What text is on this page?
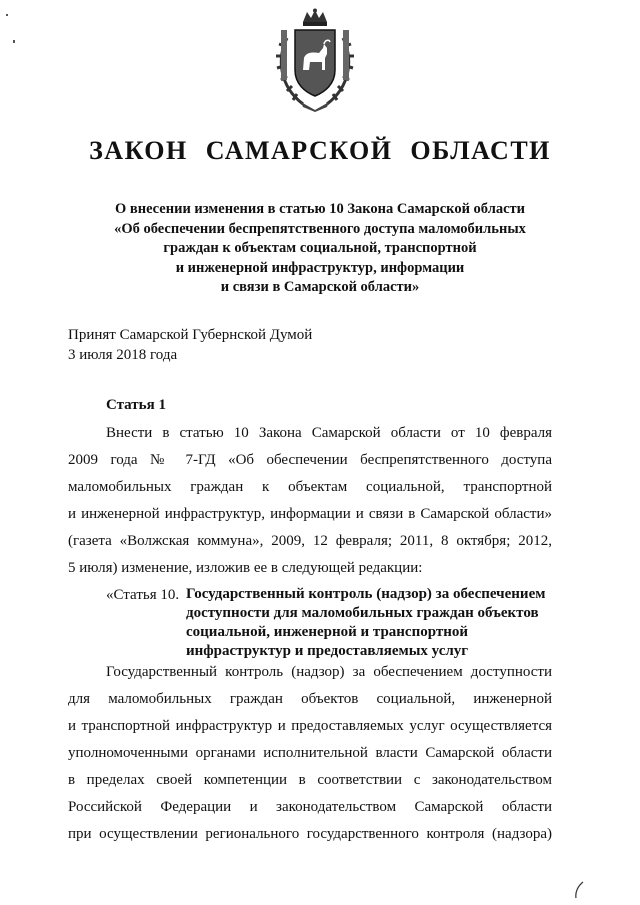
ЗАКОН САМАРСКОЙ ОБЛАСТИ
О внесении изменения в статью 10 Закона Самарской области
«Об обеспечении беспрепятственного доступа маломобильных
граждан к объектам социальной, транспортной
и инженерной инфраструктур, информации
и связи в Самарской области»
Принят Самарской Губернской Думой
3 июля 2018 года
Статья 1
Внести в статью 10 Закона Самарской области от 10 февраля
2009 года № 7-ГД «Об обеспечении беспрепятственного доступа
маломобильных граждан к объектам социальной, транспортной
и инженерной инфраструктур, информации и связи в Самарской области»
(газета «Волжская коммуна», 2009, 12 февраля; 2011, 8 октября; 2012,
5 июля) изменение, изложив ее в следующей редакции:
«Статья 10. Государственный контроль (надзор) за обеспечением
доступности для маломобильных граждан объектов
социальной, инженерной и транспортной
инфраструктур и предоставляемых услуг
Государственный контроль (надзор) за обеспечением доступности
для маломобильных граждан объектов социальной, инженерной
и транспортной инфраструктур и предоставляемых услуг осуществляется
уполномоченными органами исполнительной власти Самарской области
в пределах своей компетенции в соответствии с законодательством
Российской Федерации и законодательством Самарской области
при осуществлении регионального государственного контроля (надзора)
